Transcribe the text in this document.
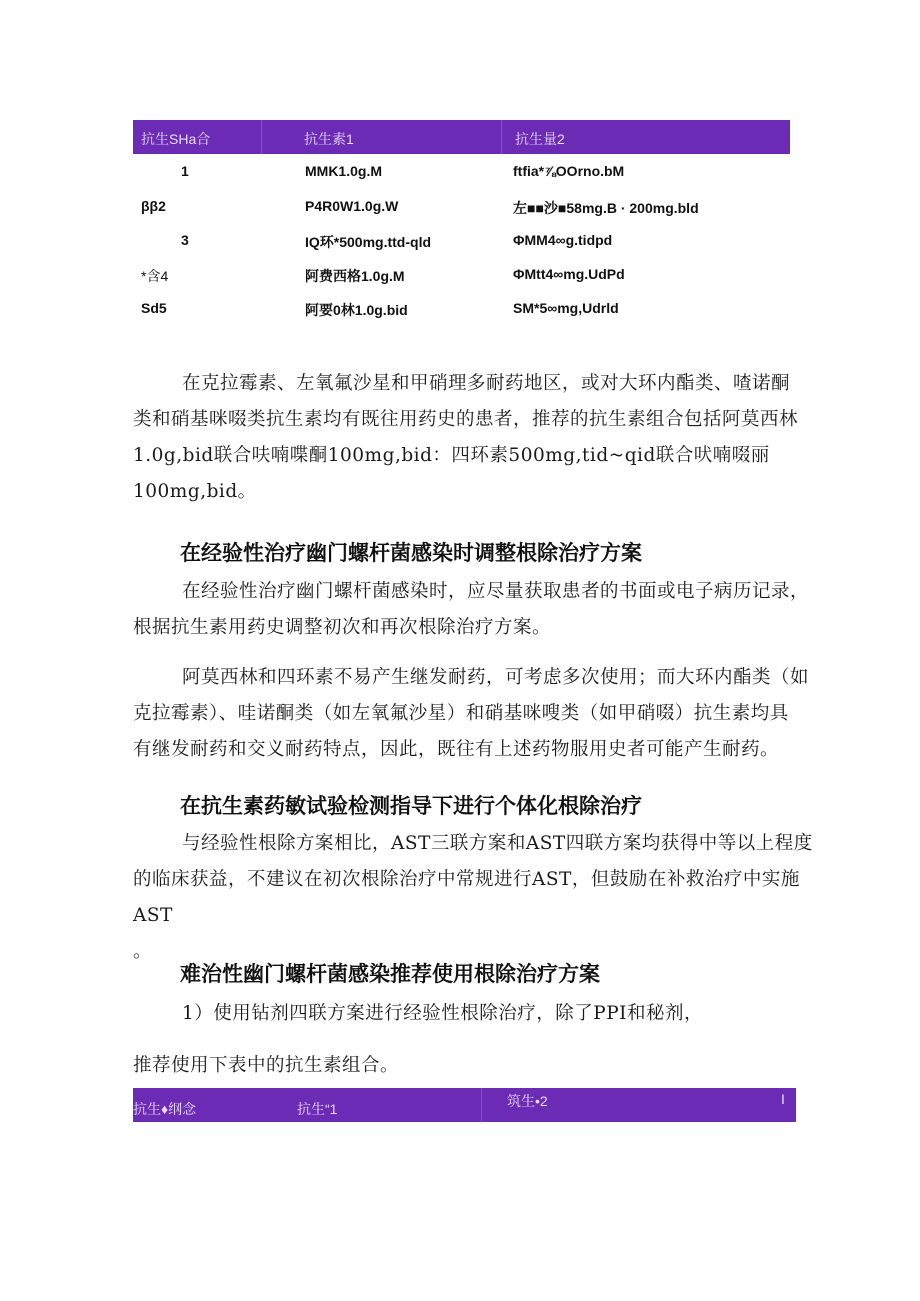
抗生SHa合	抗生素1	抗生量2
1	MMK1.0g.M	ftfia*⅞OOrno.bM
ββ2	P4R0W1.0g.W	左■■沙■58mg.B · 200mg.bld
3	IQ环*500mg.ttd-qld	ΦMM4∞g.tidpd
*含4	阿费西格1.0g.M	ΦMtt4∞mg.UdPd
Sd5	阿要0林1.0g.bid	SM*5∞mg,Udrld

在克拉霉素、左氧氟沙星和甲硝理多耐药地区，或对大环内酯类、喳诺酮
类和硝基咪啜类抗生素均有既往用药史的患者，推荐的抗生素组合包括阿莫西林
1.0g,bid联合呋喃喋酮100mg,bid：四环素500mg,tid~qid联合吠喃啜丽
100mg,bid。

在经验性治疗幽门螺杆菌感染时调整根除治疗方案

在经验性治疗幽门螺杆菌感染时，应尽量获取患者的书面或电子病历记录，
根据抗生素用药史调整初次和再次根除治疗方案。

阿莫西林和四环素不易产生继发耐药，可考虑多次使用；而大环内酯类（如
克拉霉素）、哇诺酮类（如左氧氟沙星）和硝基咪嗖类（如甲硝啜）抗生素均具
有继发耐药和交义耐药特点，因此，既往有上述药物服用史者可能产生耐药。

在抗生素药敏试验检测指导下进行个体化根除治疗

与经验性根除方案相比，AST三联方案和AST四联方案均获得中等以上程度
的临床获益，不建议在初次根除治疗中常规进行AST，但鼓励在补救治疗中实施AST
。

难治性幽门螺杆菌感染推荐使用根除治疗方案

1）使用钻剂四联方案进行经验性根除治疗，除了PPI和秘剂，

推荐使用下表中的抗生素组合。

抗生♦纲念	抗生“1	筑生•2	I
